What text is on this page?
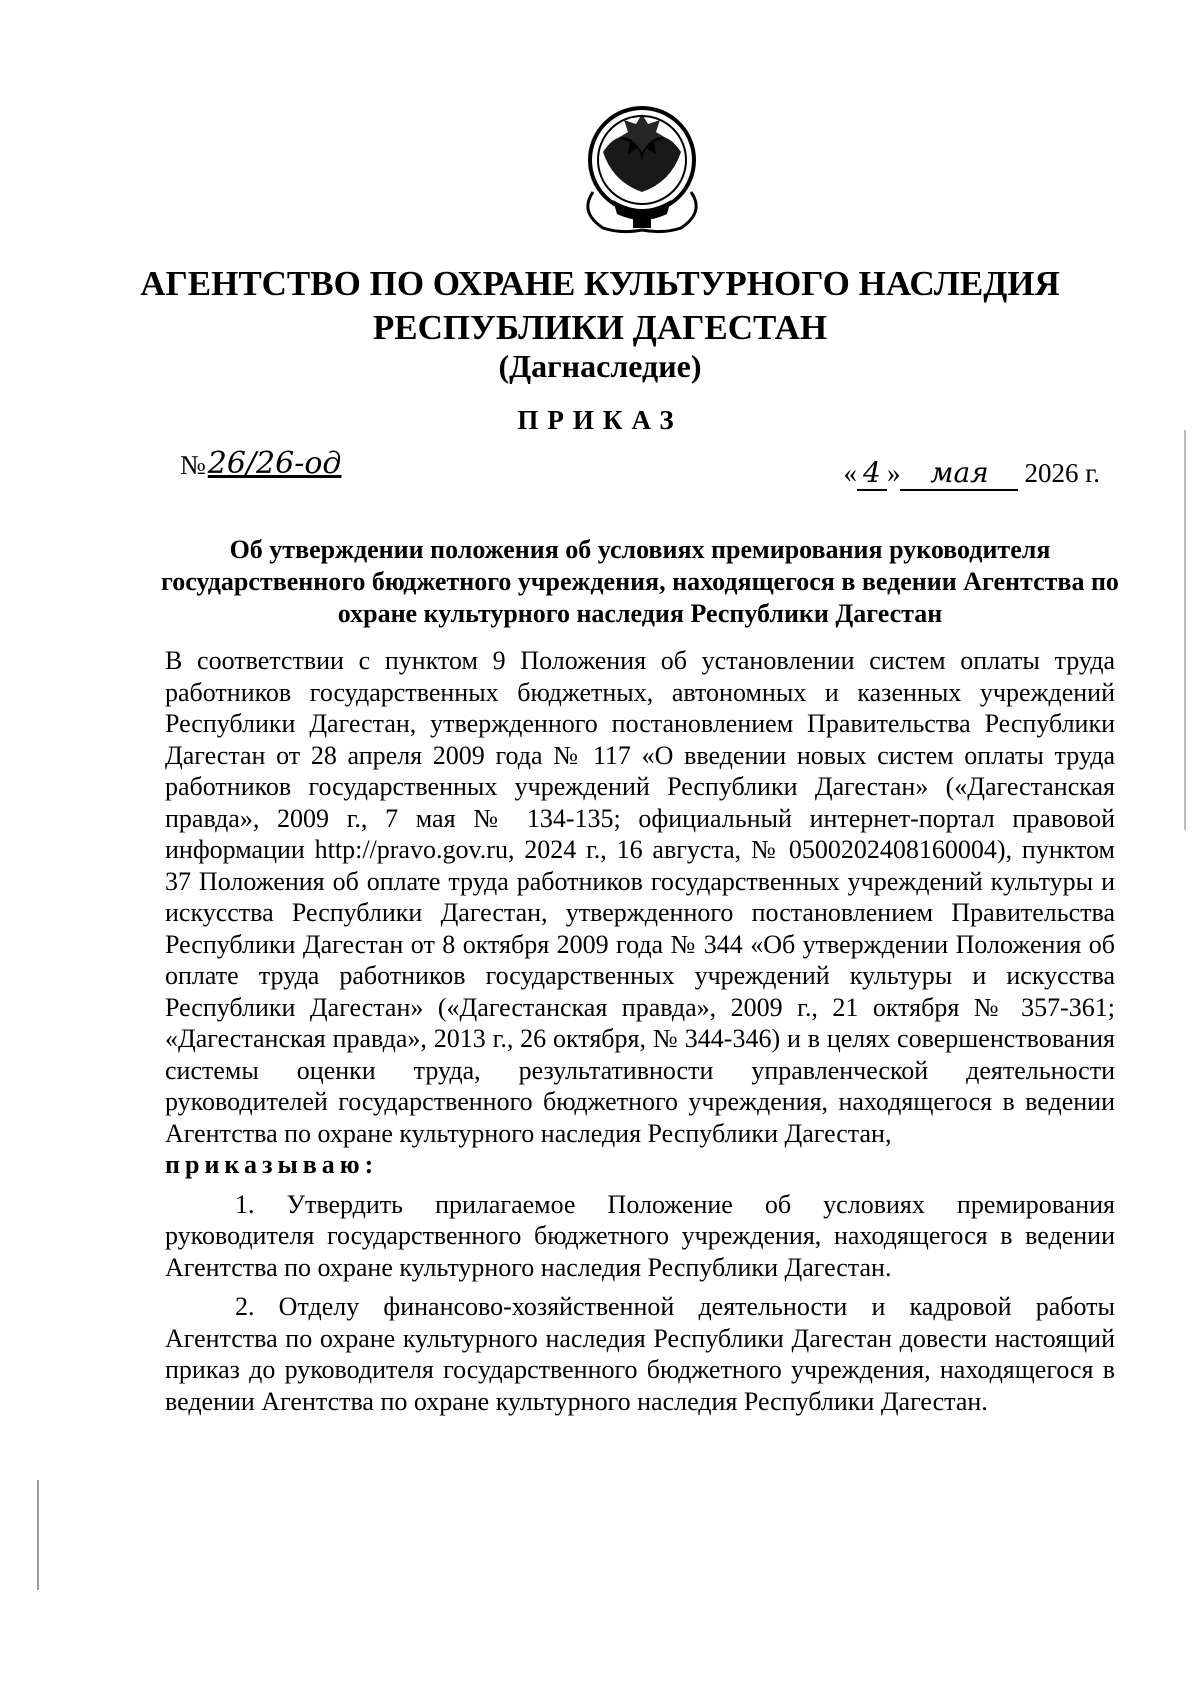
АГЕНТСТВО ПО ОХРАНЕ КУЛЬТУРНОГО НАСЛЕДИЯ
РЕСПУБЛИКИ ДАГЕСТАН
(Дагнаследие)
ПРИКАЗ
№ 26/26-од	« 4 »	мая	2026 г.
Об утверждении положения об условиях премирования руководителя государственного бюджетного учреждения, находящегося в ведении Агентства по охране культурного наследия Республики Дагестан

В соответствии с пунктом 9 Положения об установлении систем оплаты труда работников государственных бюджетных, автономных и казенных учреждений Республики Дагестан, утвержденного постановлением Правительства Республики Дагестан от 28 апреля 2009 года № 117 «О введении новых систем оплаты труда работников государственных учреждений Республики Дагестан» («Дагестанская правда», 2009 г., 7 мая № 134-135; официальный интернет-портал правовой информации http://pravo.gov.ru, 2024 г., 16 августа, № 0500202408160004), пунктом 37 Положения об оплате труда работников государственных учреждений культуры и искусства Республики Дагестан, утвержденного постановлением Правительства Республики Дагестан от 8 октября 2009 года № 344 «Об утверждении Положения об оплате труда работников государственных учреждений культуры и искусства Республики Дагестан» («Дагестанская правда», 2009 г., 21 октября № 357-361; «Дагестанская правда», 2013 г., 26 октября, № 344-346) и в целях совершенствования системы оценки труда, результативности управленческой деятельности руководителей государственного бюджетного учреждения, находящегося в ведении Агентства по охране культурного наследия Республики Дагестан,

приказываю:

1. Утвердить прилагаемое Положение об условиях премирования руководителя государственного бюджетного учреждения, находящегося в ведении Агентства по охране культурного наследия Республики Дагестан.

2. Отделу финансово-хозяйственной деятельности и кадровой работы Агентства по охране культурного наследия Республики Дагестан довести настоящий приказ до руководителя государственного бюджетного учреждения, находящегося в ведении Агентства по охране культурного наследия Республики Дагестан.
